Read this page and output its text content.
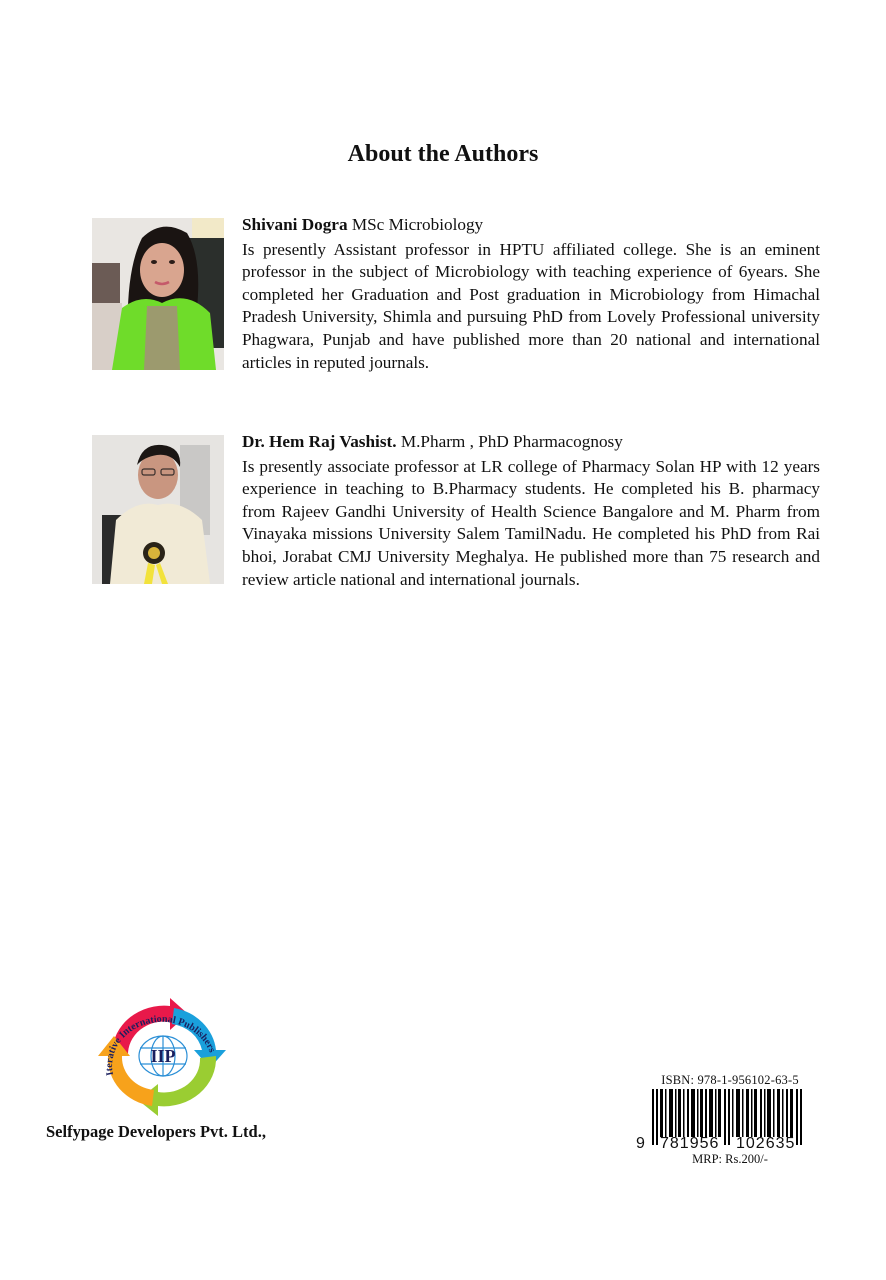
About the Authors
Shivani Dogra MSc Microbiology

Is presently Assistant professor in HPTU affiliated college. She is an eminent professor in the subject of Microbiology with teaching experience of 6years. She completed her Graduation and Post graduation in Microbiology from Himachal Pradesh University, Shimla and pursuing PhD from Lovely Professional university Phagwara, Punjab and have published more than 20 national and international articles in reputed journals.

Dr. Hem Raj Vashist. M.Pharm , PhD Pharmacognosy

Is presently associate professor at LR college of Pharmacy Solan HP with 12 years experience in teaching to B.Pharmacy students. He completed his B. pharmacy from Rajeev Gandhi University of Health Science Bangalore and M. Pharm from Vinayaka missions University Salem TamilNadu. He completed his PhD from Rai bhoi, Jorabat CMJ University Meghalya. He published more than 75 research and review article national and international journals.

IIP
Iterative International Publishers
Selfypage Developers Pvt. Ltd.,
ISBN: 978-1-956102-63-5
9 781956 102635
MRP: Rs.200/-
